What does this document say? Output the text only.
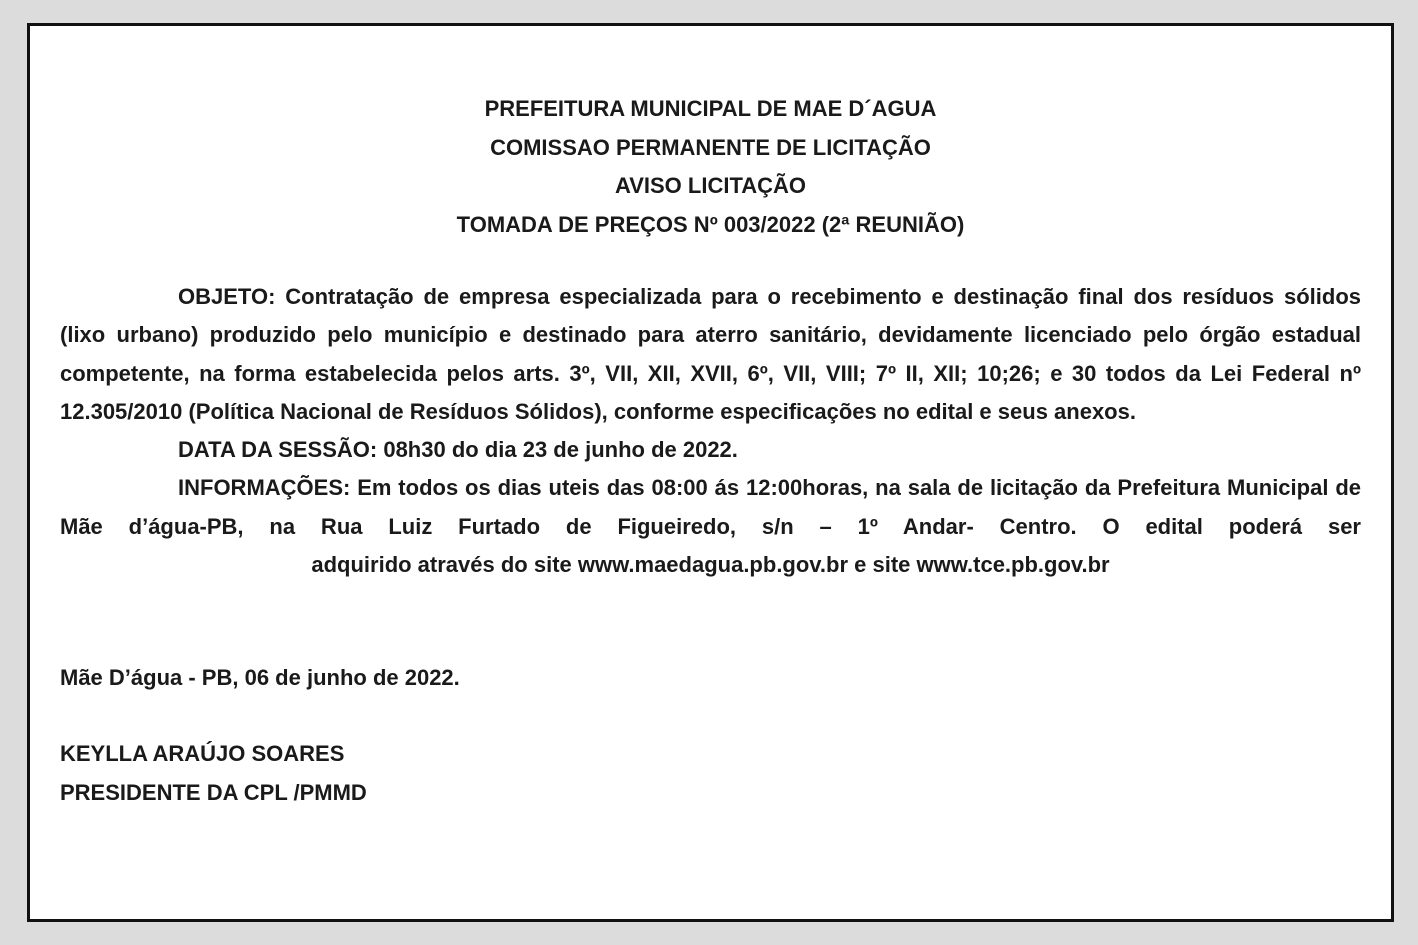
PREFEITURA MUNICIPAL DE MAE D´AGUA
COMISSAO PERMANENTE DE LICITAÇÃO
AVISO LICITAÇÃO
TOMADA DE PREÇOS Nº 003/2022 (2ª REUNIÃO)

OBJETO: Contratação de empresa especializada para o recebimento e destinação final dos resíduos sólidos (lixo urbano) produzido pelo município e destinado para aterro sanitário, devidamente licenciado pelo órgão estadual competente, na forma estabelecida pelos arts. 3º, VII, XII, XVII, 6º, VII, VIII; 7º II, XII; 10;26; e 30 todos da Lei Federal nº 12.305/2010 (Política Nacional de Resíduos Sólidos), conforme especificações no edital e seus anexos.

DATA DA SESSÃO: 08h30 do dia 23 de junho de 2022.

INFORMAÇÕES: Em todos os dias uteis das 08:00 ás 12:00horas, na sala de licitação da Prefeitura Municipal de Mãe d’água-PB, na Rua Luiz Furtado de Figueiredo, s/n – 1º Andar- Centro. O edital poderá ser

adquirido através do site www.maedagua.pb.gov.br e site www.tce.pb.gov.br

Mãe D’água - PB, 06 de junho de 2022.
KEYLLA ARAÚJO SOARES
PRESIDENTE DA CPL /PMMD
